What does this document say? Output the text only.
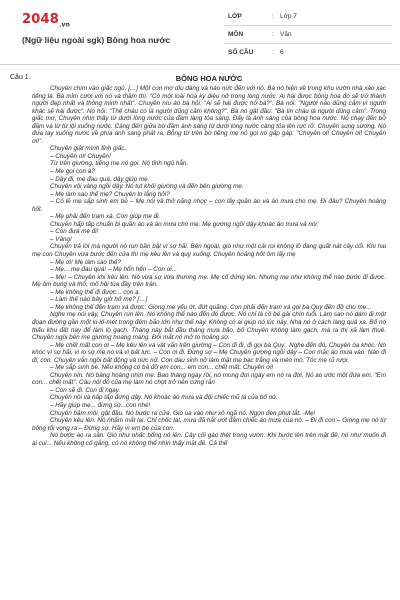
$2048_{.vn}$
(Ngữ liệu ngoài sgk) Bông hoa nước
LỚP	: Lớp 7
MÔN	: Văn
SỐ CÂU	: 6
Câu 1.	BÔNG HOA NƯỚC

Chuyên chìm vào giấc ngủ. […] Một con mơ dìu dàng và nào nức đến với nó. Bà nó hiện về trong khu vườn nhà xào xạc tiếng lá. Bà mỉm cười với nó và thầm thì: "Có một loài hoa kỳ diệu nở trong lòng nước. Ai hái được bông hoa đó sẽ trở thành người đẹp nhất và thông minh nhất". Chuyên níu áo bà hỏi: "Ai sẽ hái được hở bà?". Bà nói: "Người nào dũng cảm vì người khác sẽ hái được". Nó hỏi: "Thế cháu có là người dũng cảm không?". Bà nó gật đầu: "Bà tin cháu là người dũng cảm". Trong giấc mơ, Chuyên nhìn thấy từ dưới lòng nước của đầm làng tỏa sáng. Đấy là ánh sáng của bông hoa nước. Nó chạy đến bờ đầm và từ từ lội xuống nước. Càng đến giữa bờ đầm ánh sáng từ dưới lòng nước càng tỏa lên rực rỡ. Chuyên sung sướng. Nó đưa tay xuống nước về phía ánh sáng phát ra. Bỗng từ trên bờ tiếng mẹ nó gọi nó gấp gáp: "Chuyên ơi! Chuyên ơi! Chuyên ơi!".

Chuyên giật mình tỉnh giấc.

– Chuyên ơi! Chuyên!

Từ trên giường, tiếng mẹ nó gọi. Nó tỉnh ngủ hẳn.

– Mẹ gọi con à?

– Dậy đi, mẹ đau quá, dậy giúp mẹ.

Chuyên vội vàng ngồi dậy. Nó tụt khỏi giường và đến bên giường mẹ.

– Mẹ làm sao thế mẹ? Chuyên lo lắng hỏi?

– Có lẽ mẹ sắp sinh em bé – Mẹ nói và thở nặng nhọc – con lấy quần áo và áo mưa cho mẹ. Đi đâu? Chuyên hoảng hốt.

– Mẹ phải đến trạm xá. Con giúp mẹ đi.

Chuyên hấp tấp chuẩn bị quần áo và áo mưa cho mẹ. Mẹ gượng ngồi dậy khoác áo mưa và nói:

– Con đưa mẹ đi!

– Vâng!

Chuyên trả lời mà người nó run bần bật vì sợ hãi. Bên ngoài, gió như một cái roi không lồ đang quất nát cây cối. Khi hai mẹ con Chuyên vừa bước đến cửa thì mẹ kêu lên và quỵ xuống. Chuyên hoảng hốt ôm lấy mẹ

– Mẹ ơi! Mẹ làm sao thế?

– Mẹ... mẹ đau quá! – Mẹ hổn hển – Con ơi...

– Mẹ! – Chuyên khi kêu lên. Nó vừa sợ vừa thương mẹ. Mẹ cố đứng lên. Nhưng mẹ như không thể nào bước đi được. Mẹ ôm bụng và thở, mồ hôi túa đầy trên trán.

– Mẹ không thể đi được... con ạ.

– Làm thế nào bây giờ hở mẹ? […]

– Mẹ không thể đến trạm xá được. Giọng mẹ yếu ớt, đứt quãng. Con phải đến trạm xá gọi bà Quy đến đỡ cho mẹ...

Nghe mẹ nói vậy, Chuyên run lên. Nó không thể nào đến đó được. Nó chỉ là cô bé gái chín tuổi. Làm sao nó dám đi một đoạn đường gần một ki-lô-mét trong đêm bão lớn như thế này. Không có ai giúp nó lúc này. Nhà nó ở cách làng quá xa. Bố nó thấu khu đất này để làm lò gạch. Tháng này bắt đầu tháng mưa bão, bố Chuyên không làm gạch, mà ra thị xã làm thuê. Chuyên ngồi bên mẹ giường hoang mang. Đôi mắt nó mở to hoảng sợ.

– Mẹ chết mất con ơi – Mẹ kêu lên và vật vãn trên giường – Con đi đi, đi gọi bà Quy.. Nghe đến đó, Chuyên òa khóc. Nó khóc vì sợ hãi, vì lo sợ mẹ nó và vì bất lực. – Con ơi đi. Đừng sợ – Mẹ Chuyên gượng ngồi dậy – Con mặc áo mưa vào. Nào đi đi, con. Chuyên vẫn ngồi bất động và nức nở. Con dau sinh nở làm mặt mẹ bạc trắng và méo mó. Tóc mẹ rũ rượi.

– Mẹ sắp sinh bé. Nếu không có bà đỡ em con... em con... chết mất, Chuyên ơi!

Chuyên nín. Nó bàng hoàng nhìn mẹ. Bao tháng ngày rồi, nó mong đợi ngày em nó ra đời. Nó ao ước một đứa em. "Em con... chết mất". Câu nói đó của mẹ làm nó chợt trở nên cứng rắn

– Con sẽ đi. Con đi ngay.

Chuyên nói và hấp tấp đứng dậy. Nó khoác áo mưa và đội chiếc mũ lá của bố nó.

– Hãy giúp mẹ... đừng sợ...con nhé!

Chuyên bậm môi, gật đầu. Nó bước ra cửa. Gió ùa vào như xô ngã nó. Ngọn đèn phụt tắt. -Mẹ!

Chuyên kêu lên. Nó nhắm mắt lại. Chỉ chốc lát, mưa đã hắt ướt đẫm chiếc áo mưa của nó. – Đi đi con – Giọng mẹ nó từ bóng tối vọng ra – Đừng sợ. Hãy vì em bé của con.

Nó bước ào ra sân. Gió như nhấc bổng nó lên. Cây cối gào thét trong vườn. Khi bước lên trên mặt đê, nó như muốn đi ại cụi... Nếu không cố gắng, có nó không thể nhìn thấy mặt đê. Cả thế
